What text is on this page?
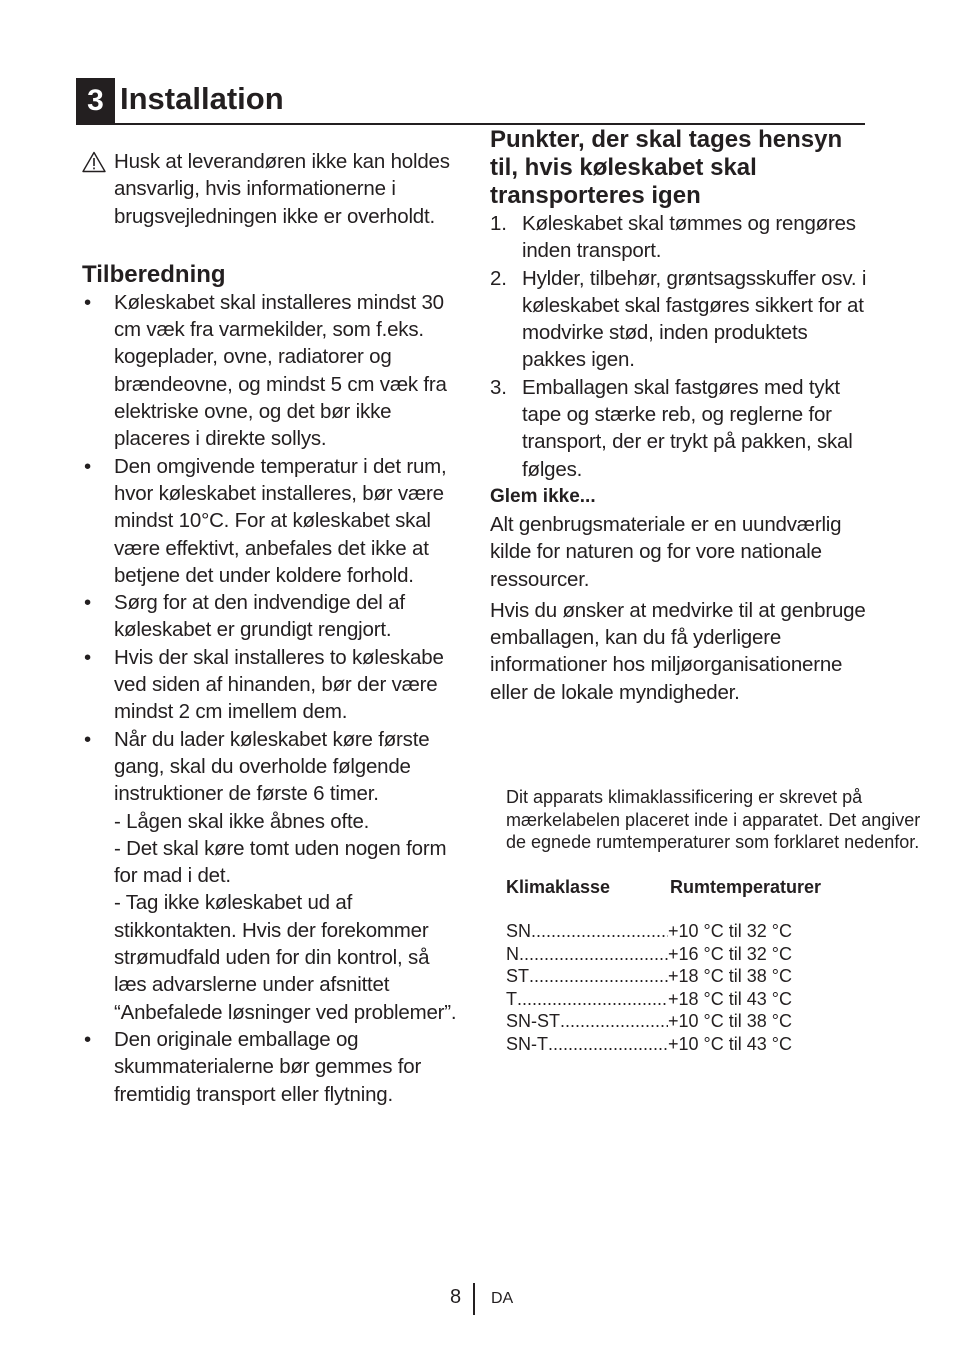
3 Installation
Husk at leverandøren ikke kan holdes ansvarlig, hvis informationerne i brugsvejledningen ikke er overholdt.
Tilberedning
• Køleskabet skal installeres mindst 30 cm væk fra varmekilder, som f.eks. kogeplader, ovne, radiatorer og brændeovne, og mindst 5 cm væk fra elektriske ovne, og det bør ikke placeres i direkte sollys.
• Den omgivende temperatur i det rum, hvor køleskabet installeres, bør være mindst 10°C. For at køleskabet skal være effektivt, anbefales det ikke at betjene det under koldere forhold.
• Sørg for at den indvendige del af køleskabet er grundigt rengjort.
• Hvis der skal installeres to køleskabe ved siden af hinanden, bør der være mindst 2 cm imellem dem.
• Når du lader køleskabet køre første gang, skal du overholde følgende instruktioner de første 6 timer.
- Lågen skal ikke åbnes ofte.
- Det skal køre tomt uden nogen form for mad i det.
- Tag ikke køleskabet ud af stikkontakten. Hvis der forekommer strømudfald uden for din kontrol, så læs advarslerne under afsnittet “Anbefalede løsninger ved problemer”.
• Den originale emballage og skummaterialerne bør gemmes for fremtidig transport eller flytning.
Punkter, der skal tages hensyn til, hvis køleskabet skal transporteres igen
1. Køleskabet skal tømmes og rengøres inden transport.
2. Hylder, tilbehør, grøntsagsskuffer osv. i køleskabet skal fastgøres sikkert for at modvirke stød, inden produktets pakkes igen.
3. Emballagen skal fastgøres med tykt tape og stærke reb, og reglerne for transport, der er trykt på pakken, skal følges.
Glem ikke...
Alt genbrugsmateriale er en uundværlig kilde for naturen og for vore nationale ressourcer.
Hvis du ønsker at medvirke til at genbruge emballagen, kan du få yderligere informationer hos miljøorganisationerne eller de lokale myndigheder.
Dit apparats klimaklassificering er skrevet på mærkelabelen placeret inde i apparatet. Det angiver de egnede rumtemperaturer som forklaret nedenfor.
Klimaklasse	Rumtemperaturer
SN .....	+10 °C til 32 °C
N .....	+16 °C til 32 °C
ST .....	+18 °C til 38 °C
T .....	+18 °C til 43 °C
SN-ST .....	+10 °C til 38 °C
SN-T .....	+10 °C til 43 °C
8 DA
